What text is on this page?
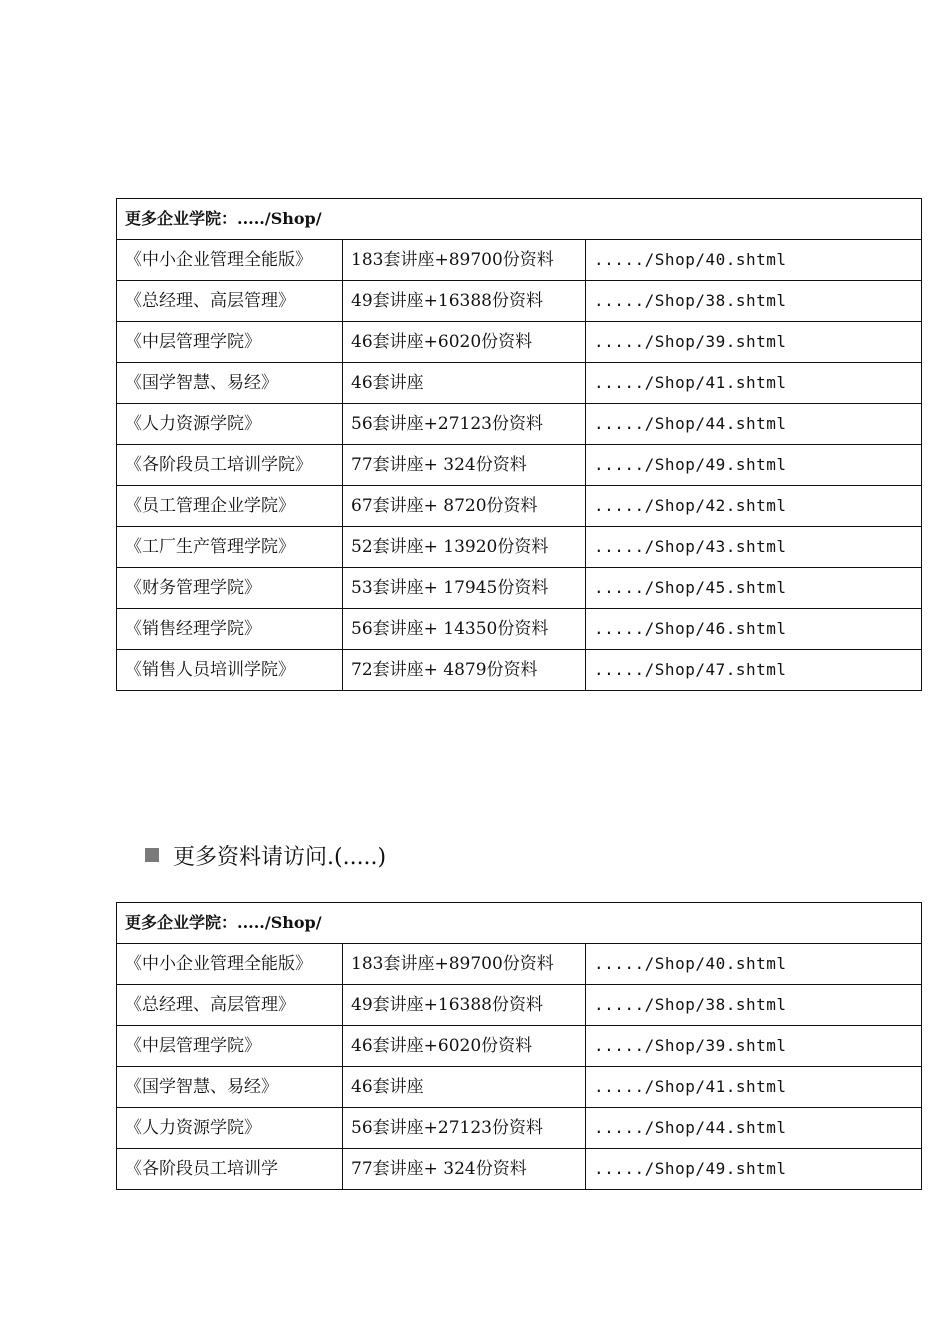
更多企业学院：...../Shop/		
《中小企业管理全能版》	183套讲座+89700份资料	...../Shop/40.shtml
《总经理、高层管理》	49套讲座+16388份资料	...../Shop/38.shtml
《中层管理学院》	46套讲座+6020份资料	...../Shop/39.shtml
《国学智慧、易经》	46套讲座	...../Shop/41.shtml
《人力资源学院》	56套讲座+27123份资料	...../Shop/44.shtml
《各阶段员工培训学院》	77套讲座+ 324份资料	...../Shop/49.shtml
《员工管理企业学院》	67套讲座+ 8720份资料	...../Shop/42.shtml
《工厂生产管理学院》	52套讲座+ 13920份资料	...../Shop/43.shtml
《财务管理学院》	53套讲座+ 17945份资料	...../Shop/45.shtml
《销售经理学院》	56套讲座+ 14350份资料	...../Shop/46.shtml
《销售人员培训学院》	72套讲座+ 4879份资料	...../Shop/47.shtml
更多资料请访问.(.....)
更多企业学院：...../Shop/		
《中小企业管理全能版》	183套讲座+89700份资料	...../Shop/40.shtml
《总经理、高层管理》	49套讲座+16388份资料	...../Shop/38.shtml
《中层管理学院》	46套讲座+6020份资料	...../Shop/39.shtml
《国学智慧、易经》	46套讲座	...../Shop/41.shtml
《人力资源学院》	56套讲座+27123份资料	...../Shop/44.shtml
《各阶段员工培训学	77套讲座+ 324份资料	...../Shop/49.shtml
